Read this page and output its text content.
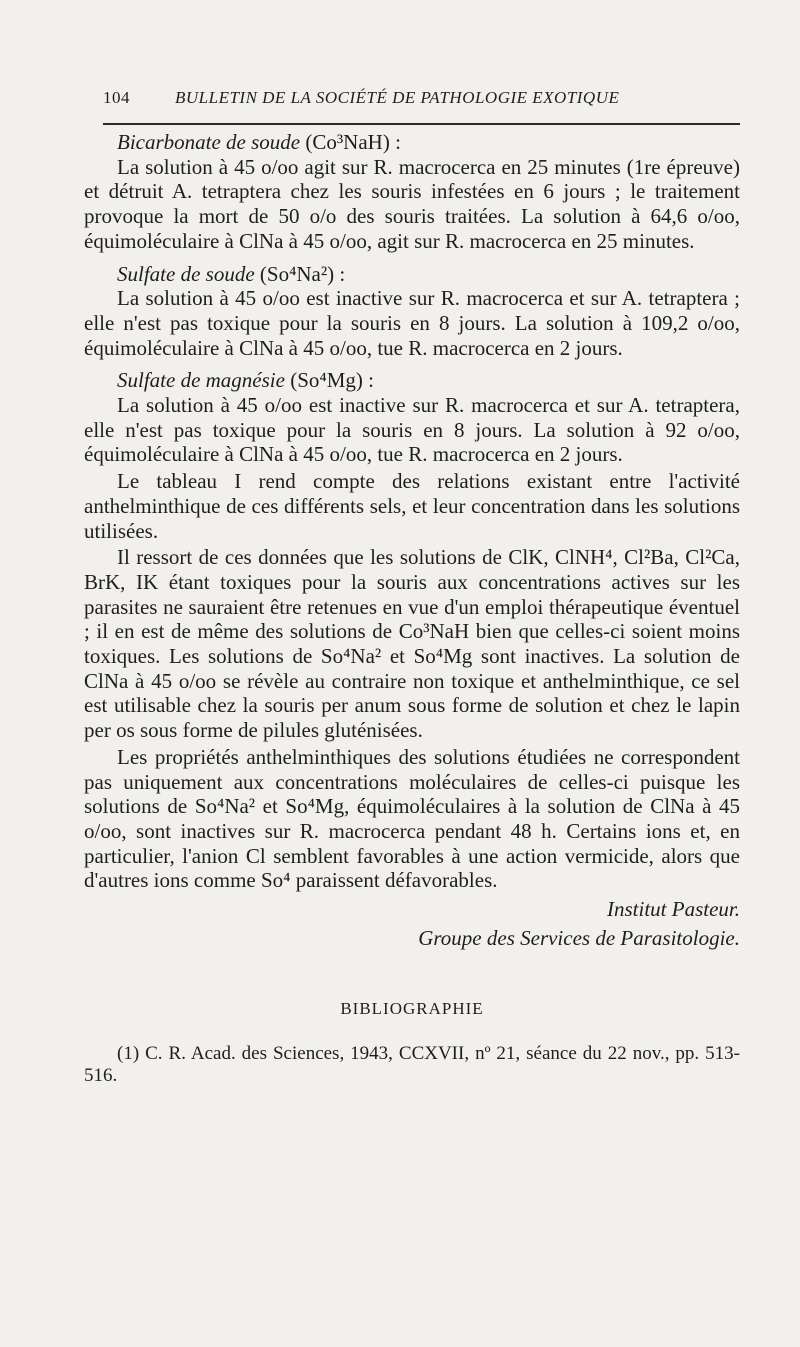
104	BULLETIN DE LA SOCIÉTÉ DE PATHOLOGIE EXOTIQUE
Bicarbonate de soude (Co³NaH) :

La solution à 45 o/oo agit sur R. macrocerca en 25 minutes (1re épreuve) et détruit A. tetraptera chez les souris infestées en 6 jours ; le traitement provoque la mort de 50 o/o des souris traitées. La solution à 64,6 o/oo, équimoléculaire à ClNa à 45 o/oo, agit sur R. macrocerca en 25 minutes.

Sulfate de soude (So⁴Na²) :

La solution à 45 o/oo est inactive sur R. macrocerca et sur A. tetraptera ; elle n'est pas toxique pour la souris en 8 jours. La solution à 109,2 o/oo, équimoléculaire à ClNa à 45 o/oo, tue R. macrocerca en 2 jours.

Sulfate de magnésie (So⁴Mg) :

La solution à 45 o/oo est inactive sur R. macrocerca et sur A. tetraptera, elle n'est pas toxique pour la souris en 8 jours. La solution à 92 o/oo, équimoléculaire à ClNa à 45 o/oo, tue R. macrocerca en 2 jours.

Le tableau I rend compte des relations existant entre l'activité anthelminthique de ces différents sels, et leur concentration dans les solutions utilisées.

Il ressort de ces données que les solutions de ClK, ClNH⁴, Cl²Ba, Cl²Ca, BrK, IK étant toxiques pour la souris aux concentrations actives sur les parasites ne sauraient être retenues en vue d'un emploi thérapeutique éventuel ; il en est de même des solutions de Co³NaH bien que celles-ci soient moins toxiques. Les solutions de So⁴Na² et So⁴Mg sont inactives. La solution de ClNa à 45 o/oo se révèle au contraire non toxique et anthelminthique, ce sel est utilisable chez la souris per anum sous forme de solution et chez le lapin per os sous forme de pilules gluténisées.

Les propriétés anthelminthiques des solutions étudiées ne correspondent pas uniquement aux concentrations moléculaires de celles-ci puisque les solutions de So⁴Na² et So⁴Mg, équimoléculaires à la solution de ClNa à 45 o/oo, sont inactives sur R. macrocerca pendant 48 h. Certains ions et, en particulier, l'anion Cl semblent favorables à une action vermicide, alors que d'autres ions comme So⁴ paraissent défavorables.

Institut Pasteur.
Groupe des Services de Parasitologie.
BIBLIOGRAPHIE
(1) C. R. Acad. des Sciences, 1943, CCXVII, nº 21, séance du 22 nov., pp. 513-516.
